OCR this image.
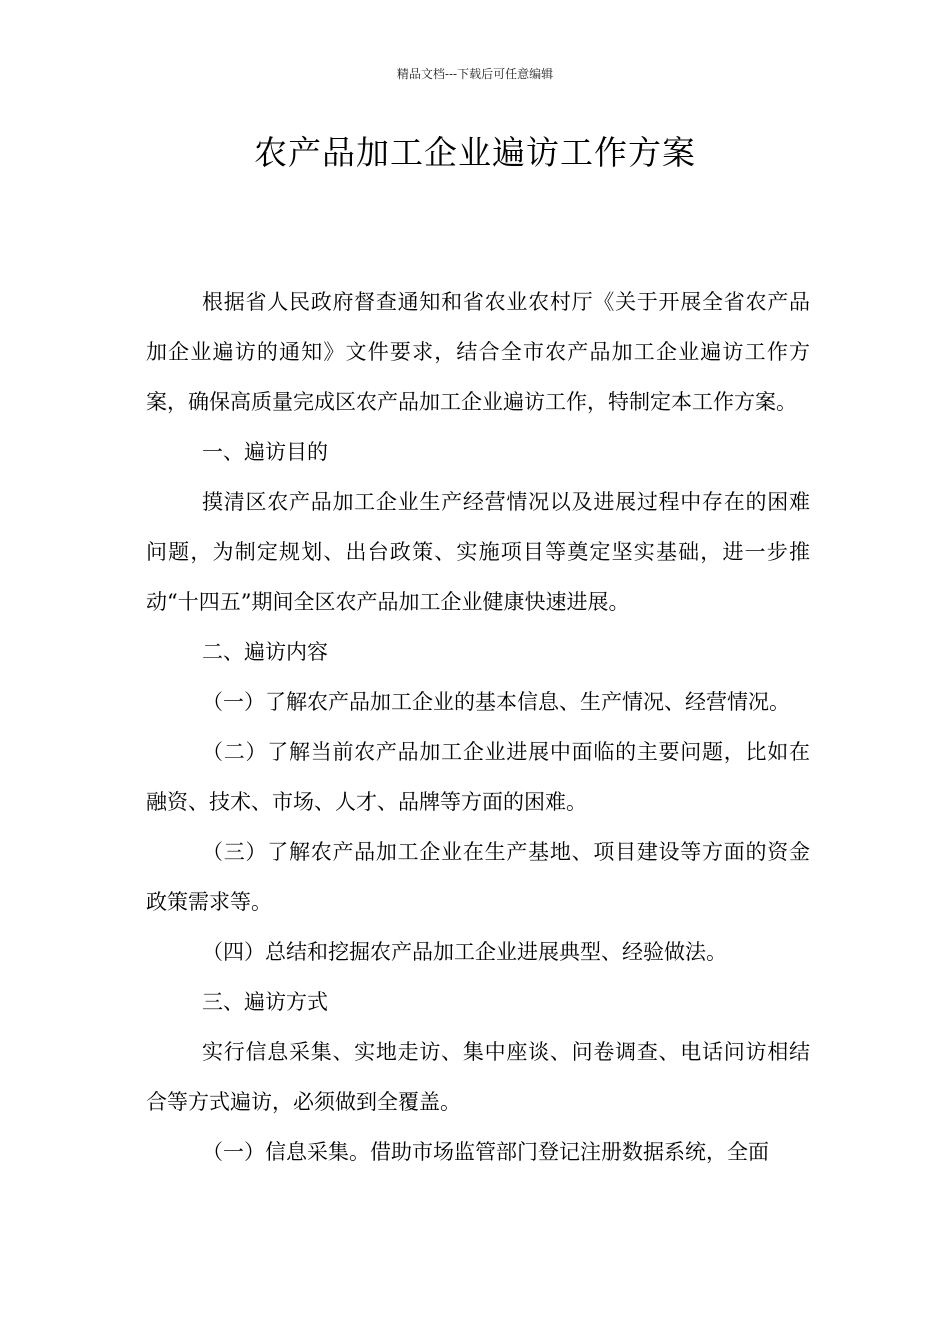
精品文档---下载后可任意编辑
农产品加工企业遍访工作方案

根据省人民政府督查通知和省农业农村厅《关于开展全省农产品加企业遍访的通知》文件要求，结合全市农产品加工企业遍访工作方案，确保高质量完成区农产品加工企业遍访工作，特制定本工作方案。

一、遍访目的

摸清区农产品加工企业生产经营情况以及进展过程中存在的困难问题，为制定规划、出台政策、实施项目等奠定坚实基础，进一步推动“十四五”期间全区农产品加工企业健康快速进展。

二、遍访内容

（一）了解农产品加工企业的基本信息、生产情况、经营情况。

（二）了解当前农产品加工企业进展中面临的主要问题，比如在融资、技术、市场、人才、品牌等方面的困难。

（三）了解农产品加工企业在生产基地、项目建设等方面的资金政策需求等。

（四）总结和挖掘农产品加工企业进展典型、经验做法。

三、遍访方式

实行信息采集、实地走访、集中座谈、问卷调查、电话问访相结合等方式遍访，必须做到全覆盖。

（一）信息采集。借助市场监管部门登记注册数据系统，全面
